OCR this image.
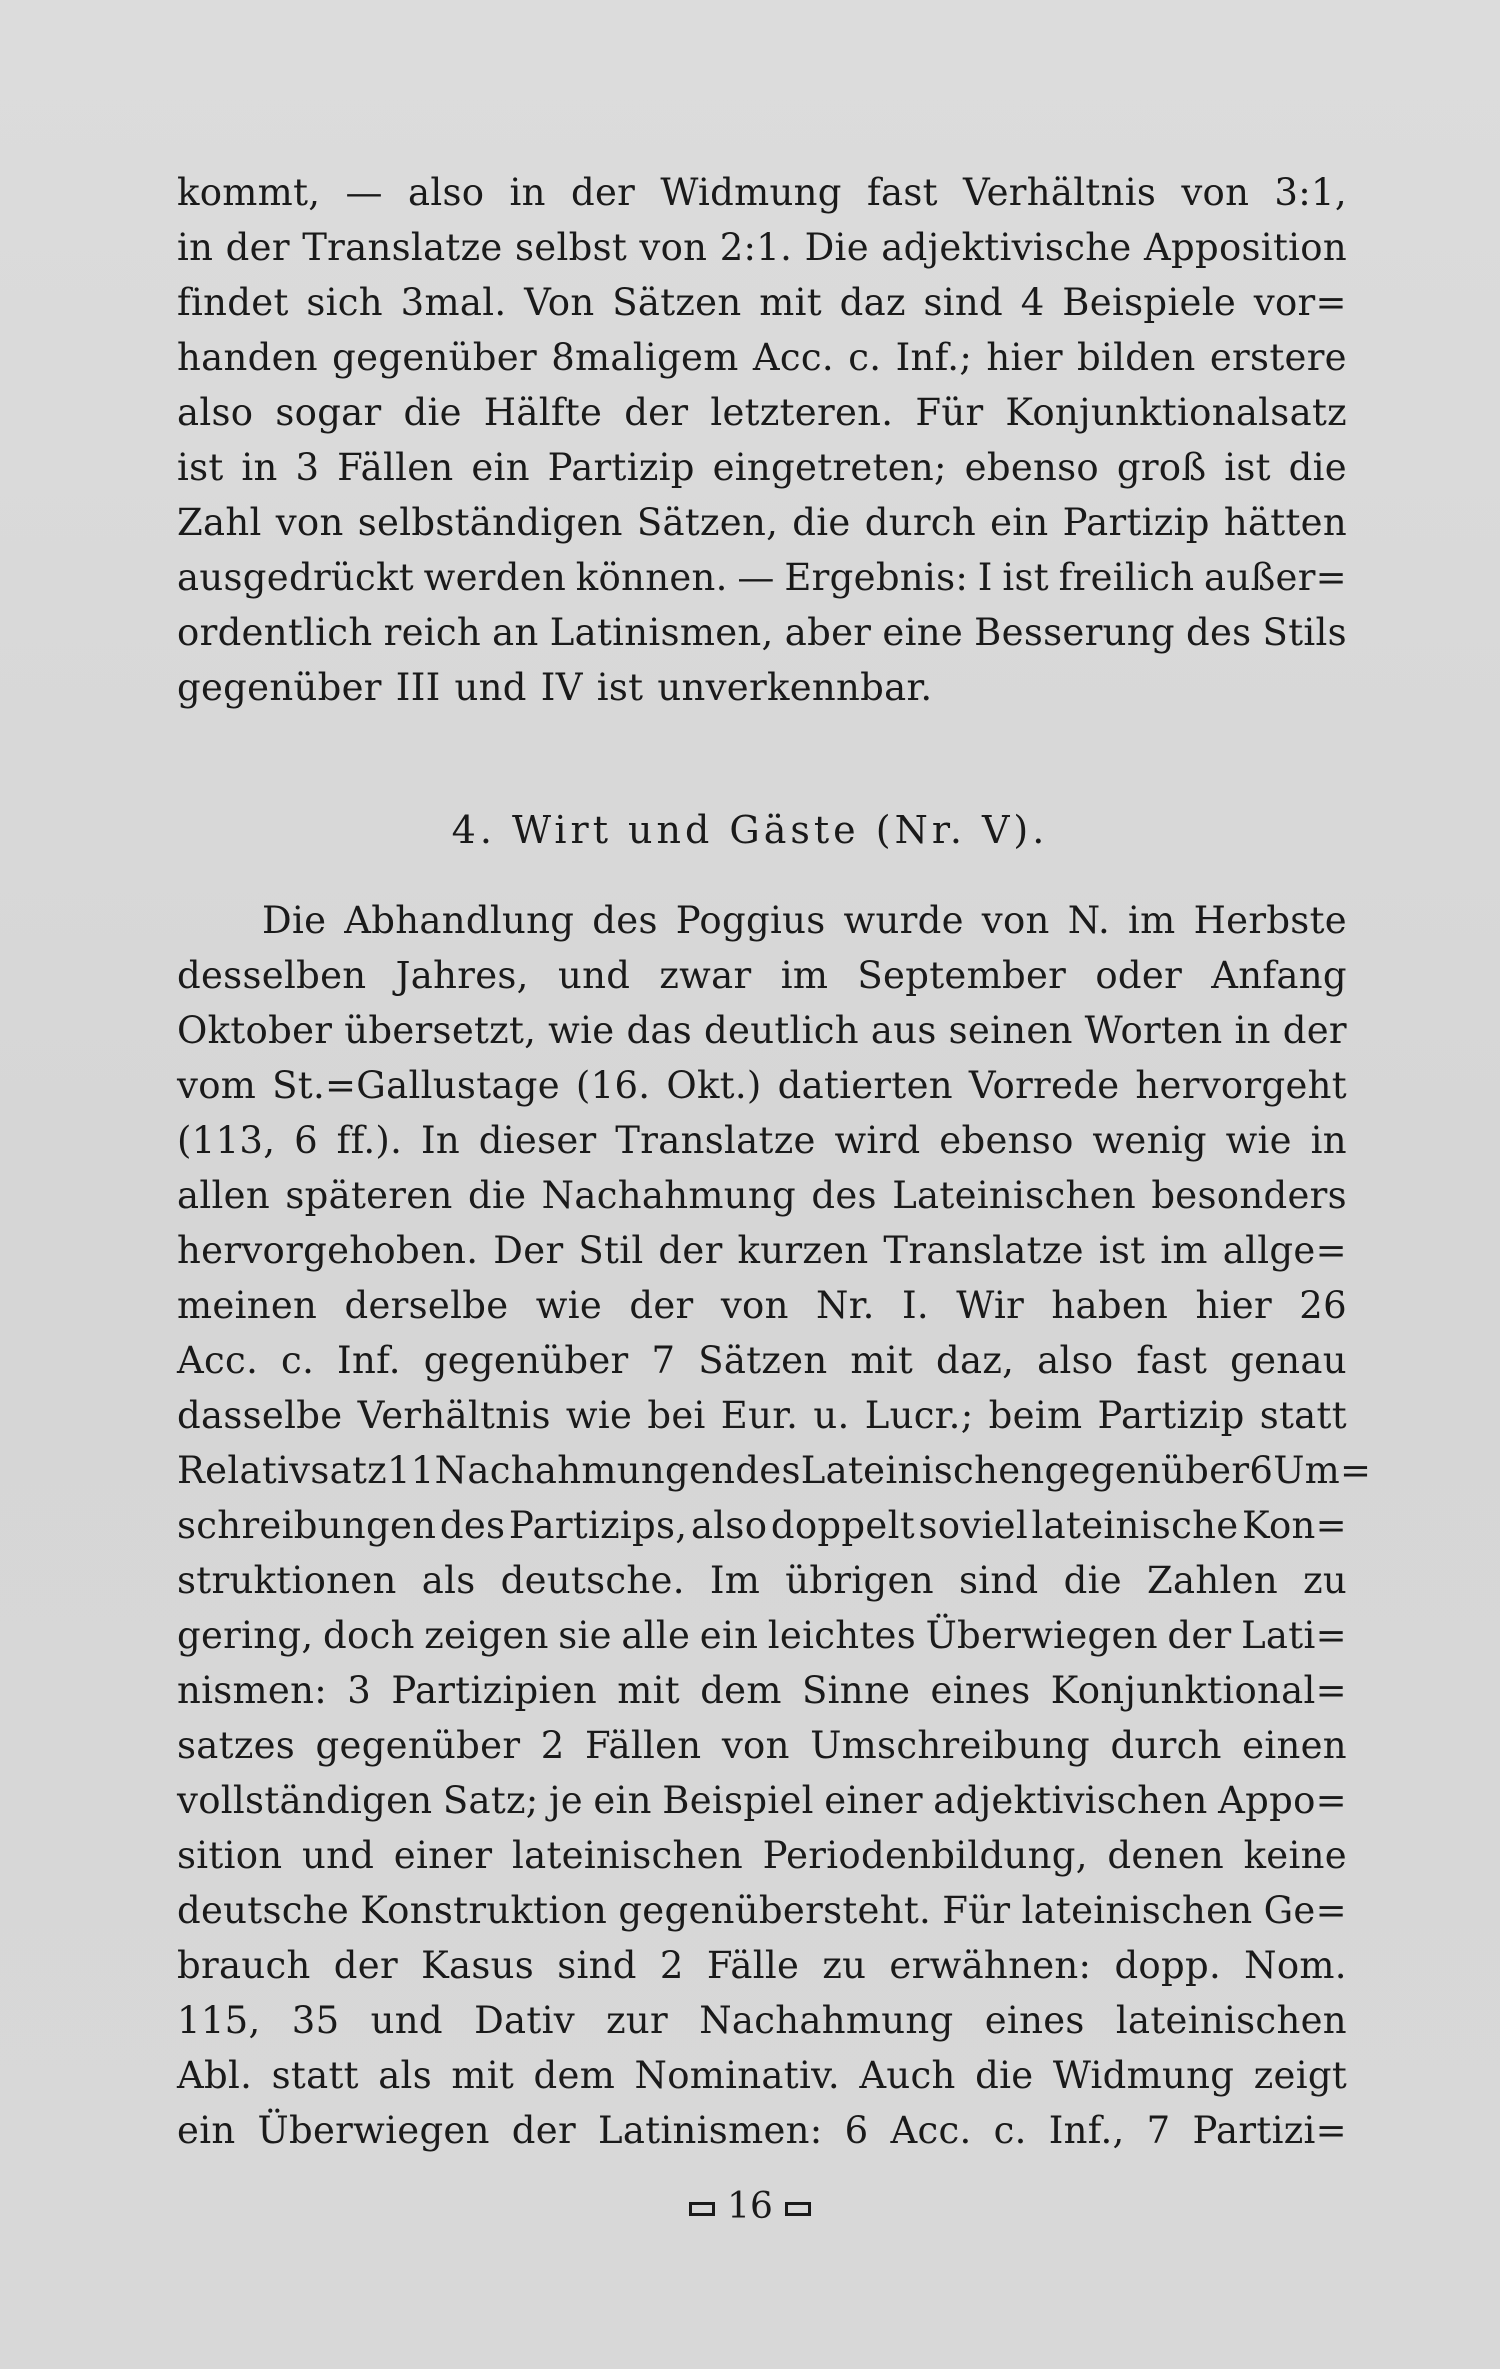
kommt, — also in der Widmung fast Verhältnis von 3:1,
in der Translatze selbst von 2:1. Die adjektivische Apposition
findet sich 3mal. Von Sätzen mit daz sind 4 Beispiele vor=
handen gegenüber 8maligem Acc. c. Inf.; hier bilden erstere
also sogar die Hälfte der letzteren. Für Konjunktionalsatz
ist in 3 Fällen ein Partizip eingetreten; ebenso groß ist die
Zahl von selbständigen Sätzen, die durch ein Partizip hätten
ausgedrückt werden können. — Ergebnis: I ist freilich außer=
ordentlich reich an Latinismen, aber eine Besserung des Stils
gegenüber III und IV ist unverkennbar.
4. Wirt und Gäste (Nr. V).
Die Abhandlung des Poggius wurde von N. im Herbste
desselben Jahres, und zwar im September oder Anfang
Oktober übersetzt, wie das deutlich aus seinen Worten in der
vom St.=Gallustage (16. Okt.) datierten Vorrede hervorgeht
(113, 6 ff.). In dieser Translatze wird ebenso wenig wie in
allen späteren die Nachahmung des Lateinischen besonders
hervorgehoben. Der Stil der kurzen Translatze ist im allge=
meinen derselbe wie der von Nr. I. Wir haben hier 26
Acc. c. Inf. gegenüber 7 Sätzen mit daz, also fast genau
dasselbe Verhältnis wie bei Eur. u. Lucr.; beim Partizip statt
Relativsatz 11 Nachahmungen des Lateinischen gegenüber 6 Um=
schreibungen des Partizips, also doppelt soviel lateinische Kon=
struktionen als deutsche. Im übrigen sind die Zahlen zu
gering, doch zeigen sie alle ein leichtes Überwiegen der Lati=
nismen: 3 Partizipien mit dem Sinne eines Konjunktional=
satzes gegenüber 2 Fällen von Umschreibung durch einen
vollständigen Satz; je ein Beispiel einer adjektivischen Appo=
sition und einer lateinischen Periodenbildung, denen keine
deutsche Konstruktion gegenübersteht. Für lateinischen Ge=
brauch der Kasus sind 2 Fälle zu erwähnen: dopp. Nom.
115, 35 und Dativ zur Nachahmung eines lateinischen
Abl. statt als mit dem Nominativ. Auch die Widmung zeigt
ein Überwiegen der Latinismen: 6 Acc. c. Inf., 7 Partizi=
16
